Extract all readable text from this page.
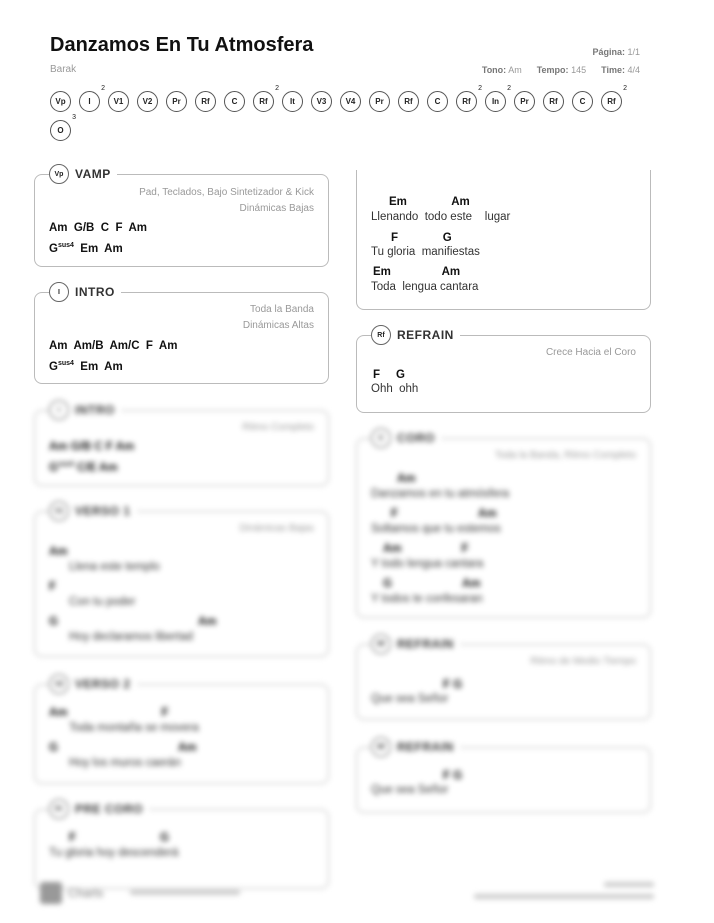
Danzamos En Tu Atmosfera
Barak
Página: 1/1
Tono: Am Tempo: 145 Time: 4/4
Vp	I
2
V1 V2 Pr	Rf	C	Rf
2
It	V3 V4 Pr	Rf	C	Rf
2
In
2
Pr	Rf	C	Rf
2
O
3
Vp VAMP
Pad, Teclados, Bajo Sintetizador & Kick
Dinámicas Bajas
Am  G/B  C  F  Am
$G^{sus4}$  Em  Am
I	INTRO
Toda la Banda
Dinámicas Altas
Am  Am/B  Am/C  F  Am
$G^{sus4}$  Em  Am
Em              Am
Llenando  todo este    lugar
F              G
Tu gloria  manifiestas
Em                Am
Toda  lengua cantara
Rf	REFRAIN
Crece Hacia el Coro
F     G
Ohh  ohh
I	INTRO
Ritmo Completo
Am G/B C F Am
$G^{sus4}$ C/E Am
V1 VERSO 1
Dinámicas Bajas
Am
Llena este templo
F
Con tu poder
G	Am
Hoy declaramos libertad
V2 VERSO 2
Am	F
Toda montaña se movera
G	Am
Hoy los muros caerán
Pr	PRE CORO
F	G
Tu gloria hoy descenderá
C	CORO
Toda la Banda, Ritmo Completo
Am
Danzamos en tu atmósfera
F	Am
Soltamos que tu estemos
Am	F
Y todo lengua cantara
G	Am
Y todos te confesaran
Rf	REFRAIN
Ritmo de Medio Tiempo
F G
Que sea Señor
Rf	REFRAIN
F G
Que sea Señor
Charts
